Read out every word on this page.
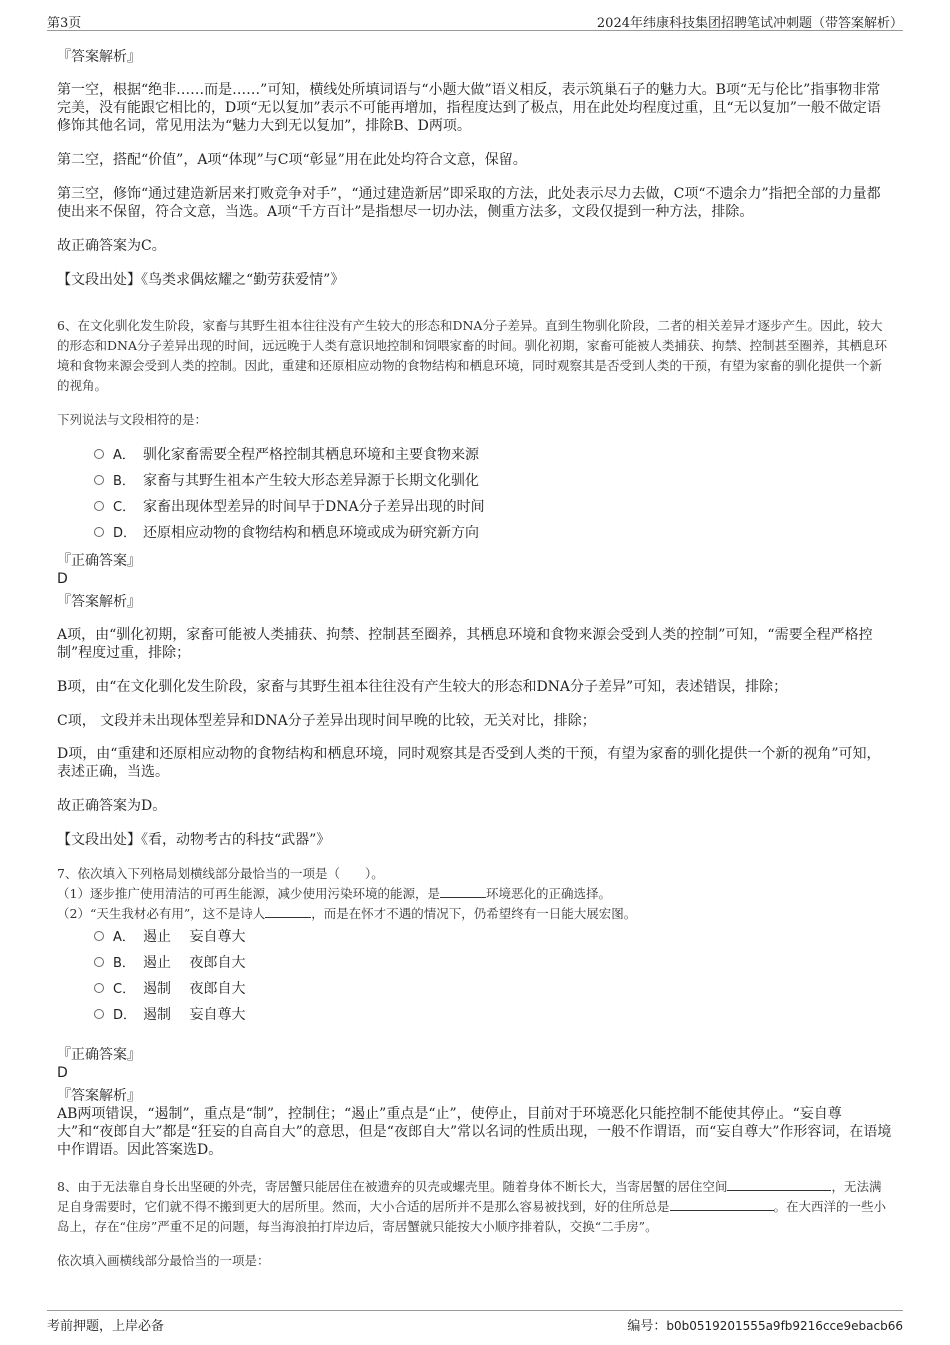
第3页	2024年纬康科技集团招聘笔试冲刺题（带答案解析）
『答案解析』

第一空，根据“绝非……而是……”可知，横线处所填词语与“小题大做”语义相反，表示筑巢石子的魅力大。B项“无与伦比”指事物非常完美，没有能跟它相比的，D项“无以复加”表示不可能再增加，指程度达到了极点，用在此处均程度过重，且“无以复加”一般不做定语修饰其他名词，常见用法为“魅力大到无以复加”，排除B、D两项。

第二空，搭配“价值”，A项“体现”与C项“彰显”用在此处均符合文意，保留。

第三空，修饰“通过建造新居来打败竞争对手”，“通过建造新居”即采取的方法，此处表示尽力去做，C项“不遗余力”指把全部的力量都使出来不保留，符合文意，当选。A项“千方百计”是指想尽一切办法，侧重方法多，文段仅提到一种方法，排除。

故正确答案为C。

【文段出处】《鸟类求偶炫耀之“勤劳获爱情”》

6、在文化驯化发生阶段，家畜与其野生祖本往往没有产生较大的形态和DNA分子差异。直到生物驯化阶段，二者的相关差异才逐步产生。因此，较大的形态和DNA分子差异出现的时间，远远晚于人类有意识地控制和饲喂家畜的时间。驯化初期，家畜可能被人类捕获、拘禁、控制甚至圈养，其栖息环境和食物来源会受到人类的控制。因此，重建和还原相应动物的食物结构和栖息环境，同时观察其是否受到人类的干预，有望为家畜的驯化提供一个新的视角。

下列说法与文段相符的是：

A． 驯化家畜需要全程严格控制其栖息环境和主要食物来源
B． 家畜与其野生祖本产生较大形态差异源于长期文化驯化
C． 家畜出现体型差异的时间早于DNA分子差异出现的时间
D． 还原相应动物的食物结构和栖息环境或成为研究新方向
『正确答案』
D
『答案解析』

A项，由“驯化初期，家畜可能被人类捕获、拘禁、控制甚至圈养，其栖息环境和食物来源会受到人类的控制”可知，“需要全程严格控制”程度过重，排除；

B项，由“在文化驯化发生阶段，家畜与其野生祖本往往没有产生较大的形态和DNA分子差异”可知，表述错误，排除；

C项， 文段并未出现体型差异和DNA分子差异出现时间早晚的比较，无关对比，排除；

D项，由“重建和还原相应动物的食物结构和栖息环境，同时观察其是否受到人类的干预，有望为家畜的驯化提供一个新的视角”可知，表述正确，当选。

故正确答案为D。

【文段出处】《看，动物考古的科技“武器”》

7、依次填入下列格局划横线部分最恰当的一项是（　　）。

（1）逐步推广使用清洁的可再生能源，减少使用污染环境的能源，是	环境恶化的正确选择。

（2）“天生我材必有用”，这不是诗人	，而是在怀才不遇的情况下，仍希望终有一日能大展宏图。

A． 遏止　 妄自尊大
B． 遏止　 夜郎自大
C． 遏制　 夜郎自大
D． 遏制　 妄自尊大
『正确答案』
D
『答案解析』

AB两项错误，“遏制”，重点是“制”，控制住；“遏止”重点是“止”，使停止，目前对于环境恶化只能控制不能使其停止。“妄自尊大”和“夜郎自大”都是“狂妄的自高自大”的意思，但是“夜郎自大”常以名词的性质出现，一般不作谓语，而“妄自尊大”作形容词，在语境中作谓语。因此答案选D。

8、由于无法靠自身长出坚硬的外壳，寄居蟹只能居住在被遗弃的贝壳或螺壳里。随着身体不断长大，当寄居蟹的居住空间	，无法满足自身需要时，它们就不得不搬到更大的居所里。然而，大小合适的居所并不是那么容易被找到，好的住所总是	。在大西洋的一些小岛上，存在“住房”严重不足的问题，每当海浪拍打岸边后，寄居蟹就只能按大小顺序排着队，交换“二手房”。

依次填入画横线部分最恰当的一项是：

考前押题，上岸必备	编号：b0b0519201555a9fb9216cce9ebacb66
